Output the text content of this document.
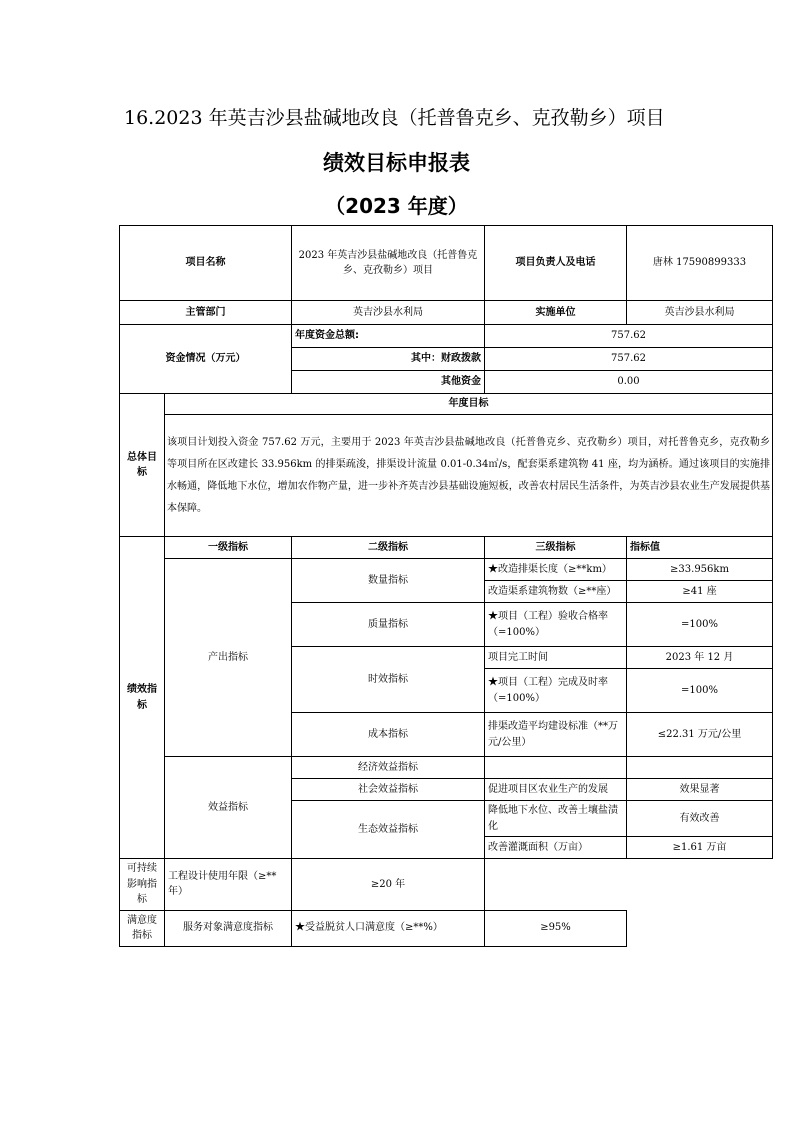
16.2023 年英吉沙县盐碱地改良（托普鲁克乡、克孜勒乡）项目
绩效目标申报表
（2023 年度）
项目名称		2023 年英吉沙县盐碱地改良（托普鲁克乡、克孜勒乡）项目	项目负责人及电话	唐林 17590899333
主管部门		英吉沙县水利局	实施单位	英吉沙县水利局
资金情况（万元）		年度资金总额:	757.62	
		其中：财政拨款	757.62	
		其他资金	0.00	
总体目标	年度目标			
	该项目计划投入资金 757.62 万元，主要用于 2023 年英吉沙县盐碱地改良（托普鲁克乡、克孜勒乡）项目，对托普鲁克乡，克孜勒乡等项目所在区改建长 33.956km 的排渠疏浚，排渠设计流量 0.01-0.34㎥/s，配套渠系建筑物 41 座，均为涵桥。通过该项目的实施排水畅通，降低地下水位，增加农作物产量，进一步补齐英吉沙县基础设施短板，改善农村居民生活条件，为英吉沙县农业生产发展提供基本保障。			
绩效指标	一级指标	二级指标	三级指标	指标值
	产出指标	数量指标	★改造排渠长度（≥**km）	≥33.956km
			改造渠系建筑物数（≥**座）	≥41 座
		质量指标	★项目（工程）验收合格率（=100%）	=100%
		时效指标	项目完工时间	2023 年 12 月
			★项目（工程）完成及时率（=100%）	=100%
		成本指标	排渠改造平均建设标准（**万元/公里）	≤22.31 万元/公里

	效益指标	经济效益指标		
		社会效益指标	促进项目区农业生产的发展	效果显著
		生态效益指标	降低地下水位、改善土壤盐渍化	有效改善
			改善灌溉面积（万亩）	≥1.61 万亩
可持续影响指标	工程设计使用年限（≥**年）	≥20 年		
满意度指标	服务对象满意度指标	★受益脱贫人口满意度（≥**%）	≥95%	
